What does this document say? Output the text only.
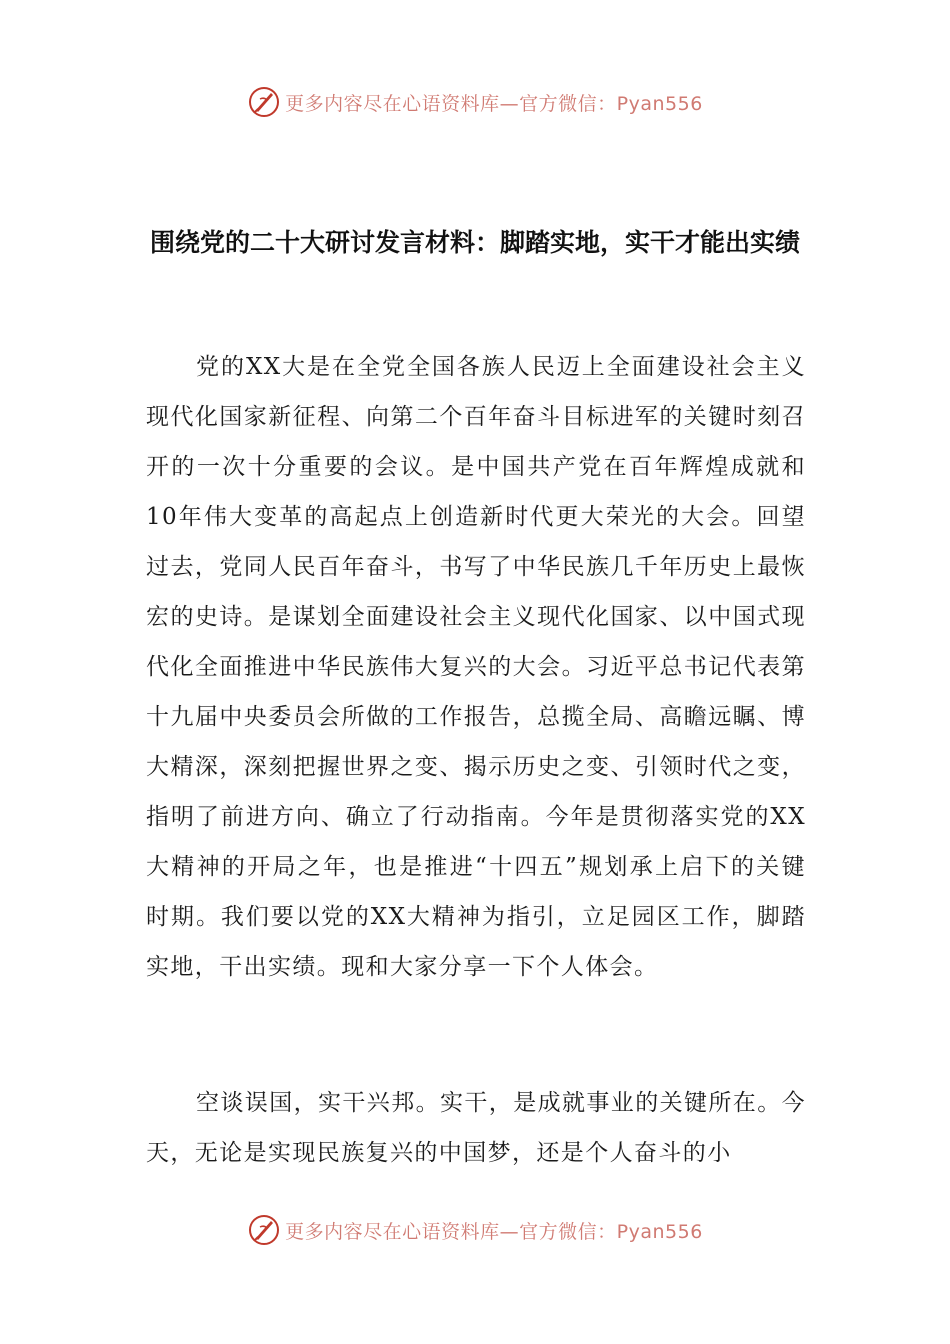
更多内容尽在心语资料库—官方微信：Pyan556
围绕党的二十大研讨发言材料：脚踏实地，实干才能出实绩

党的XX大是在全党全国各族人民迈上全面建设社会主义现代化国家新征程、向第二个百年奋斗目标进军的关键时刻召开的一次十分重要的会议。是中国共产党在百年辉煌成就和10年伟大变革的高起点上创造新时代更大荣光的大会。回望过去，党同人民百年奋斗，书写了中华民族几千年历史上最恢宏的史诗。是谋划全面建设社会主义现代化国家、以中国式现代化全面推进中华民族伟大复兴的大会。习近平总书记代表第十九届中央委员会所做的工作报告，总揽全局、高瞻远瞩、博大精深，深刻把握世界之变、揭示历史之变、引领时代之变，指明了前进方向、确立了行动指南。今年是贯彻落实党的XX大精神的开局之年，也是推进“十四五”规划承上启下的关键时期。我们要以党的XX大精神为指引，立足园区工作，脚踏实地，干出实绩。现和大家分享一下个人体会。

空谈误国，实干兴邦。实干，是成就事业的关键所在。今天，无论是实现民族复兴的中国梦，还是个人奋斗的小

更多内容尽在心语资料库—官方微信：Pyan556
